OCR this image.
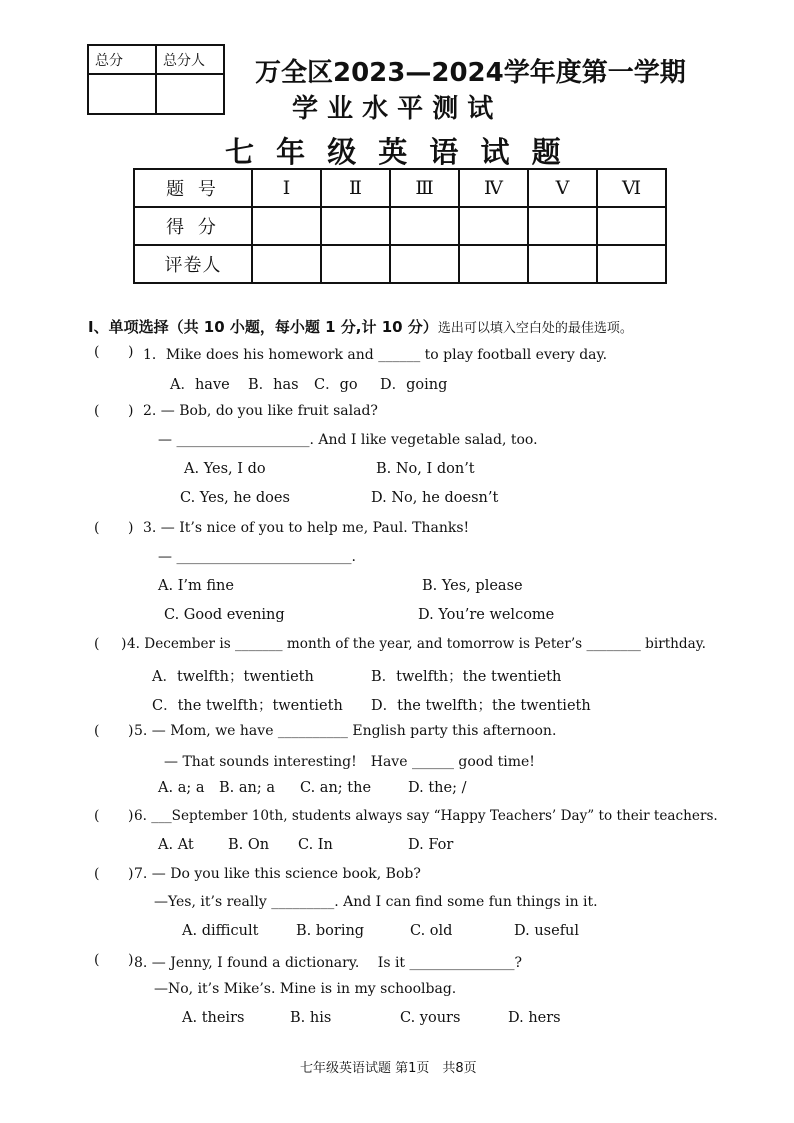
总分	总分人
	万全区2023—2024学年度第一学期
学 业 水 平 测 试
七 年 级 英 语 试 题
题 号	Ⅰ	Ⅱ	Ⅲ	Ⅳ	Ⅴ	Ⅵ
得 分						
评卷人						
Ⅰ、单项选择（共 10 小题，每小题 1 分,计 10 分）选出可以填入空白处的最佳选项。
( ) 1．Mike does his homework and ______ to play football every day.
A．have B．has C．go D．going
( ) 2. — Bob, do you like fruit salad?
— ___________________. And I like vegetable salad, too.
A. Yes, I do	B. No, I don’t
C. Yes, he does	D. No, he doesn’t
( ) 3. — It’s nice of you to help me, Paul. Thanks!
— _________________________.
A. I’m fine	B. Yes, please
C. Good evening	D. You’re welcome
( ) 4. December is _______ month of the year, and tomorrow is Peter’s ________ birthday.
A．twelfth；twentieth	B．twelfth；the twentieth
C．the twelfth；twentieth D．the twelfth；the twentieth
( ) 5. — Mom, we have __________ English party this afternoon.
— That sounds interesting!　Have ______ good time!
A. a; a B. an; a C. an; the	D. the; /
( ) 6. ___September 10th, students always say “Happy Teachers’ Day” to their teachers.
A. At B. On C. In	D. For
( ) 7. — Do you like this science book, Bob?
—Yes, it’s really _________. And I can find some fun things in it.
A. difficult	B. boring	C. old	D. useful
( ) 8. — Jenny, I found a dictionary.　 Is it _______________?
—No, it’s Mike’s. Mine is in my schoolbag.
A. theirs	B. his	C. yours	D. hers
七年级英语试题 第1页　共8页
